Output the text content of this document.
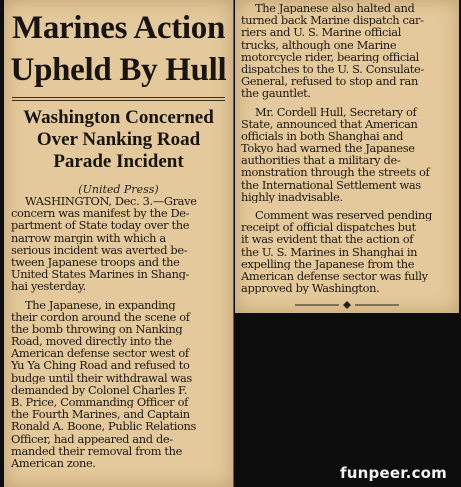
Marines Action
Upheld By Hull
Washington Concerned
Over Nanking Road
Parade Incident
(United Press)
WASHINGTON, Dec. 3.—Grave
concern was manifest by the De-
partment of State today over the
narrow margin with which a
serious incident was averted be-
tween Japanese troops and the
United States Marines in Shang-
hai yesterday.
The Japanese, in expanding
their cordon around the scene of
the bomb throwing on Nanking
Road, moved directly into the
American defense sector west of
Yu Ya Ching Road and refused to
budge until their withdrawal was
demanded by Colonel Charles F.
B. Price, Commanding Officer of
the Fourth Marines, and Captain
Ronald A. Boone, Public Relations
Officer, had appeared and de-
manded their removal from the
American zone.
The Japanese also halted and
turned back Marine dispatch car-
riers and U. S. Marine official
trucks, although one Marine
motorcycle rider, bearing official
dispatches to the U. S. Consulate-
General, refused to stop and ran
the gauntlet.
Mr. Cordell Hull, Secretary of
State, announced that American
officials in both Shanghai and
Tokyo had warned the Japanese
authorities that a military de-
monstration through the streets of
the International Settlement was
highly inadvisable.
Comment was reserved pending
receipt of official dispatches but
it was evident that the action of
the U. S. Marines in Shanghai in
expelling the Japanese from the
American defense sector was fully
approved by Washington.
funpeer.com
